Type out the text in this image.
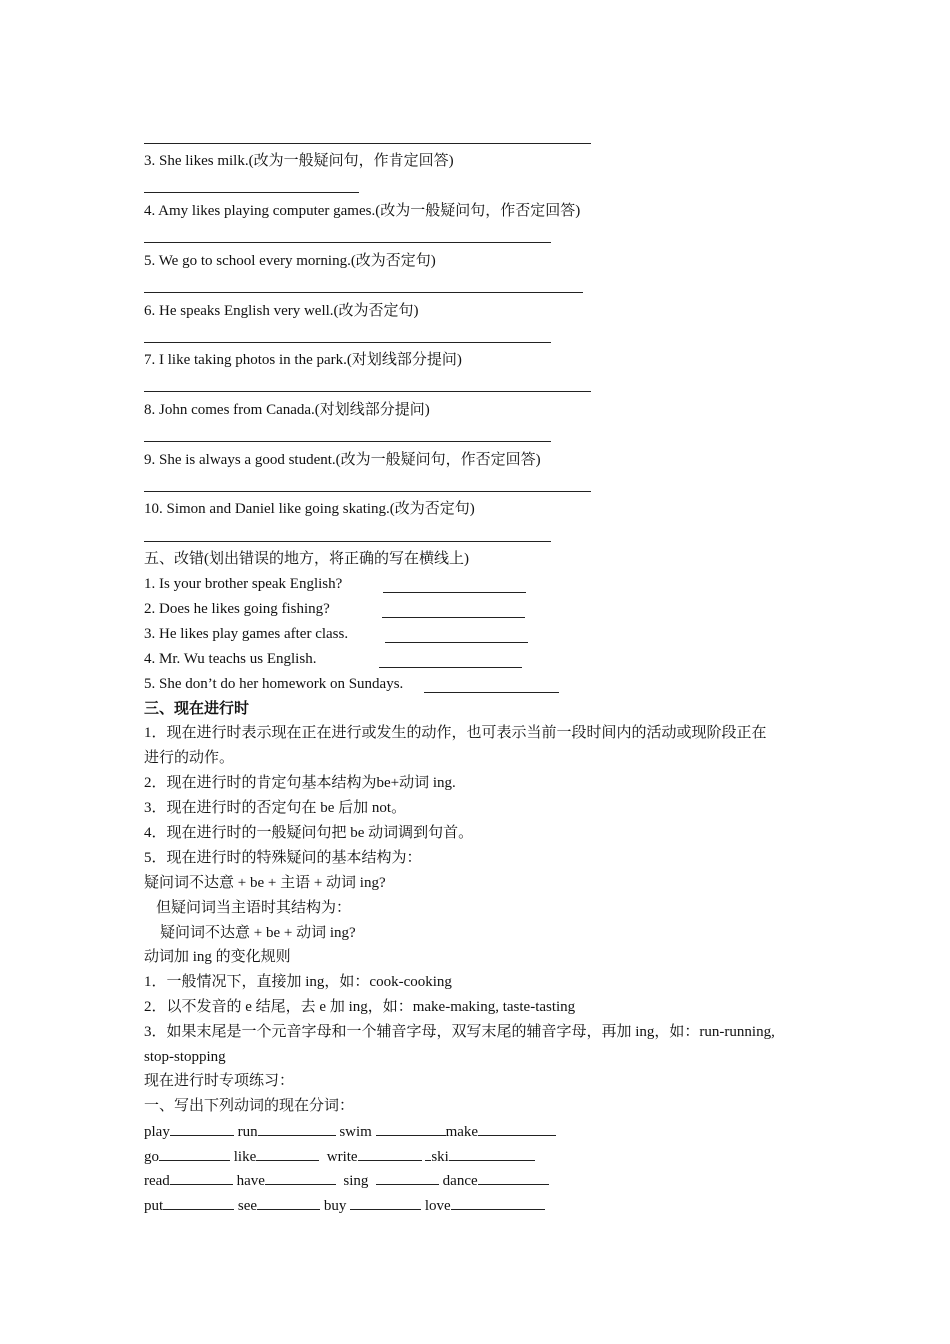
3. She likes milk.(改为一般疑问句，作肯定回答)
4. Amy likes playing computer games.(改为一般疑问句，作否定回答)
5. We go to school every morning.(改为否定句)
6. He speaks English very well.(改为否定句)
7. I like taking photos in the park.(对划线部分提问)
8. John comes from Canada.(对划线部分提问)
9. She is always a good student.(改为一般疑问句，作否定回答)
10. Simon and Daniel like going skating.(改为否定句)
五、改错(划出错误的地方，将正确的写在横线上)
1. Is your brother speak English?
2. Does he likes going fishing?
3. He likes play games after class.
4. Mr. Wu teachs us English.
5. She don’t do her homework on Sundays.
三、现在进行时
1．现在进行时表示现在正在进行或发生的动作，也可表示当前一段时间内的活动或现阶段正在
进行的动作。
2．现在进行时的肯定句基本结构为be+动词 ing.
3．现在进行时的否定句在 be 后加 not。
4．现在进行时的一般疑问句把 be 动词调到句首。
5．现在进行时的特殊疑问的基本结构为：
疑问词不达意 + be + 主语 + 动词 ing?
但疑问词当主语时其结构为：
疑问词不达意 + be + 动词 ing?
动词加 ing 的变化规则
1．一般情况下，直接加 ing，如：cook-cooking
2．以不发音的 e 结尾，去 e 加 ing，如：make-making, taste-tasting
3．如果末尾是一个元音字母和一个辅音字母，双写末尾的辅音字母，再加 ing，如：run-running,
stop-stopping
现在进行时专项练习：
一、写出下列动词的现在分词：
play	run	swim	make
go	like	write	ski
read	have	sing	dance
put	see	buy	love
